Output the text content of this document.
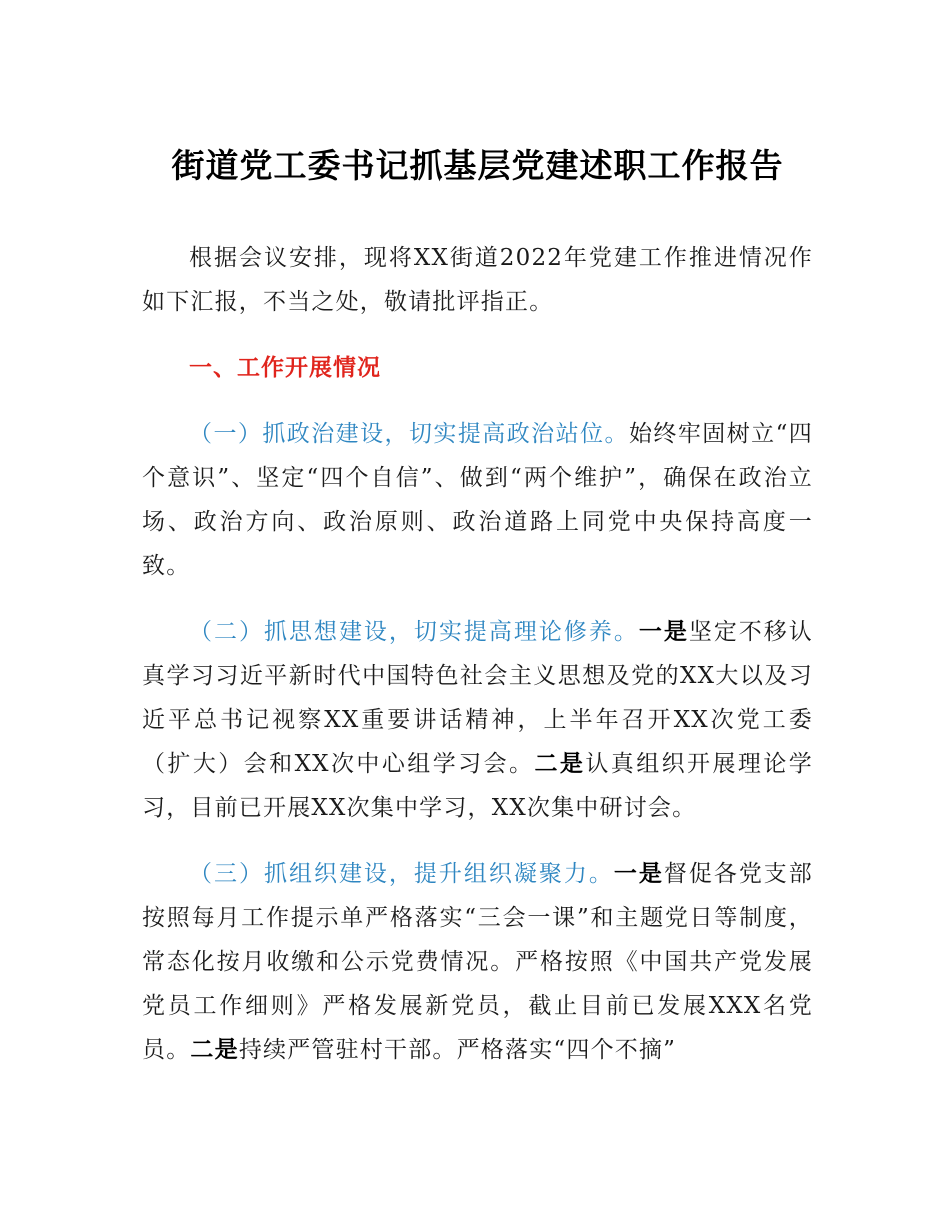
街道党工委书记抓基层党建述职工作报告

根据会议安排，现将XX街道2022年党建工作推进情况作如下汇报，不当之处，敬请批评指正。

一、工作开展情况

（一）抓政治建设，切实提高政治站位。始终牢固树立“四个意识”、坚定“四个自信”、做到“两个维护”，确保在政治立场、政治方向、政治原则、政治道路上同党中央保持高度一致。

（二）抓思想建设，切实提高理论修养。一是坚定不移认真学习习近平新时代中国特色社会主义思想及党的XX大以及习近平总书记视察XX重要讲话精神，上半年召开XX次党工委（扩大）会和XX次中心组学习会。二是认真组织开展理论学习，目前已开展XX次集中学习，XX次集中研讨会。

（三）抓组织建设，提升组织凝聚力。一是督促各党支部按照每月工作提示单严格落实“三会一课”和主题党日等制度，常态化按月收缴和公示党费情况。严格按照《中国共产党发展党员工作细则》严格发展新党员，截止目前已发展XXX名党员。二是持续严管驻村干部。严格落实“四个不摘”
